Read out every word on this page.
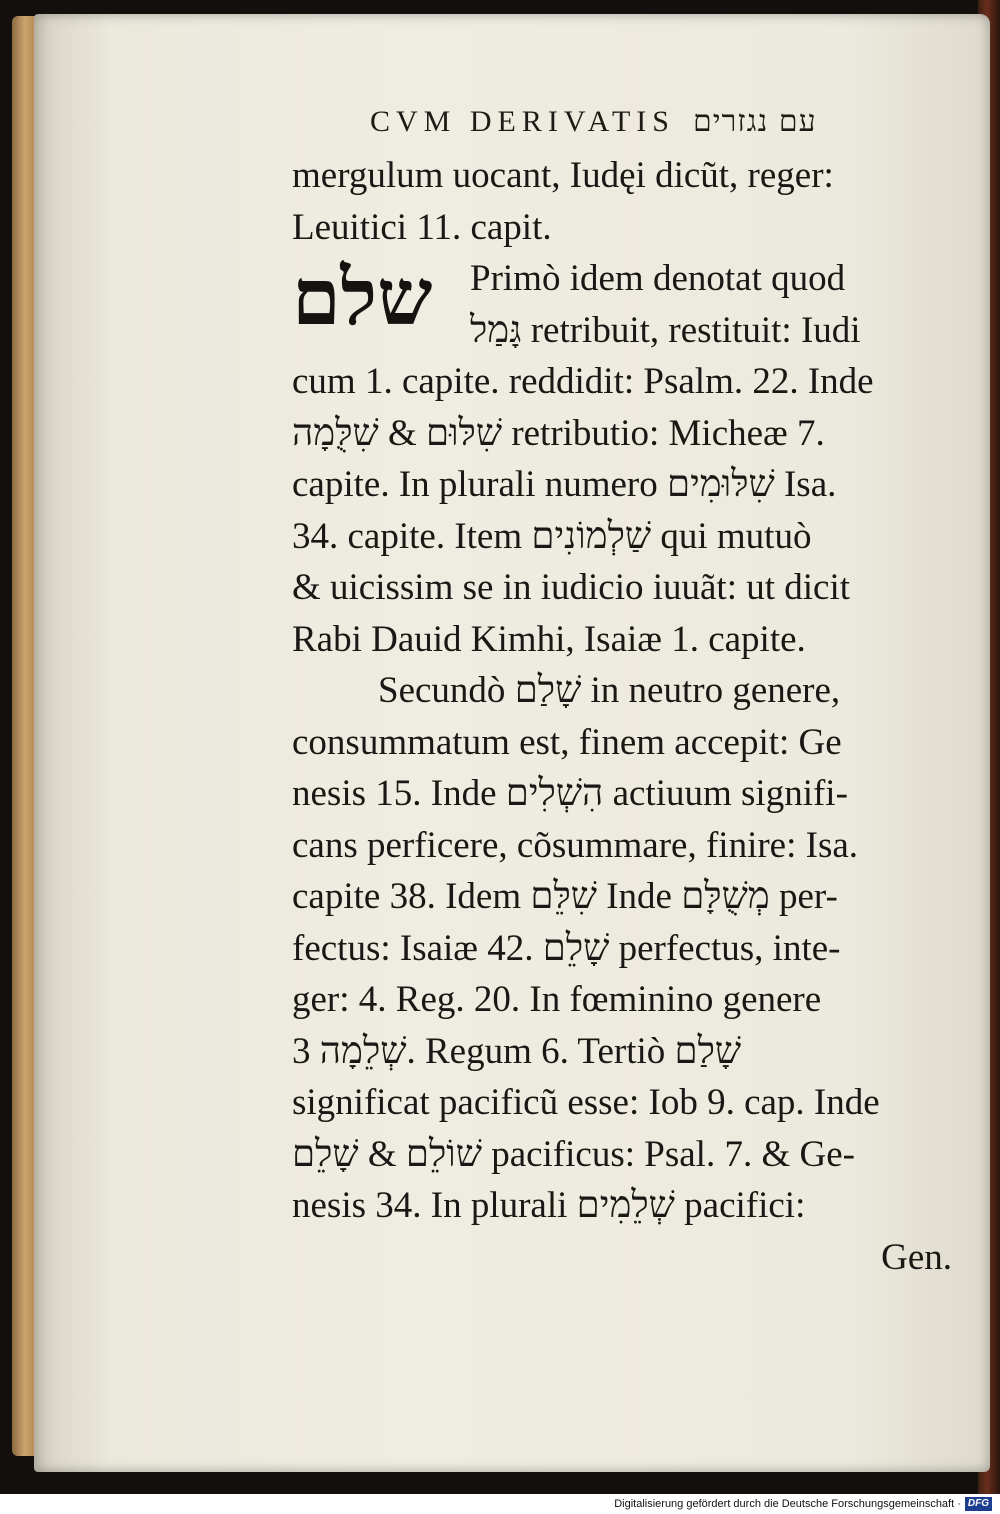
CVM DERIVATIS עם נגזרים
mergulum uocant, Iudęi dicũt, reger:
Leuitici 11. capit.
שלם Primò idem denotat quod
גָּמַל retribuit, restituit: Iudi
cum 1. capite. reddidit: Psalm. 22. Inde
שִׁלּוּם & שִׁלֻּמָה retributio: Micheæ 7.
capite. In plurali numero שִׁלּוּמִים Isa.
34. capite. Item שַׁלְמוֹנִים qui mutuò
& uicissim se in iudicio iuuãt: ut dicit
Rabi Dauid Kimhi, Isaiæ 1. capite.
Secundò שָׁלַם in neutro genere,
consummatum est, finem accepit: Ge
nesis 15. Inde הִשְׁלִים actiuum signifi-
cans perficere, cõsummare, finire: Isa.
capite 38. Idem שִׁלֵּם Inde מְשֻׁלָּם per-
fectus: Isaiæ 42. שָׁלֵם perfectus, inte-
ger: 4. Reg. 20. In fœminino genere
שְׁלֵמָה 3. Regum 6. Tertiò שָׁלַם
significat pacificũ esse: Iob 9. cap. Inde
שׁוֹלֵם & שָׁלֵם pacificus: Psal. 7. & Ge-
nesis 34. In plurali שְׁלֵמִים pacifici:
Gen.
Digitalisierung gefördert durch die Deutsche Forschungsgemeinschaft · DFG
